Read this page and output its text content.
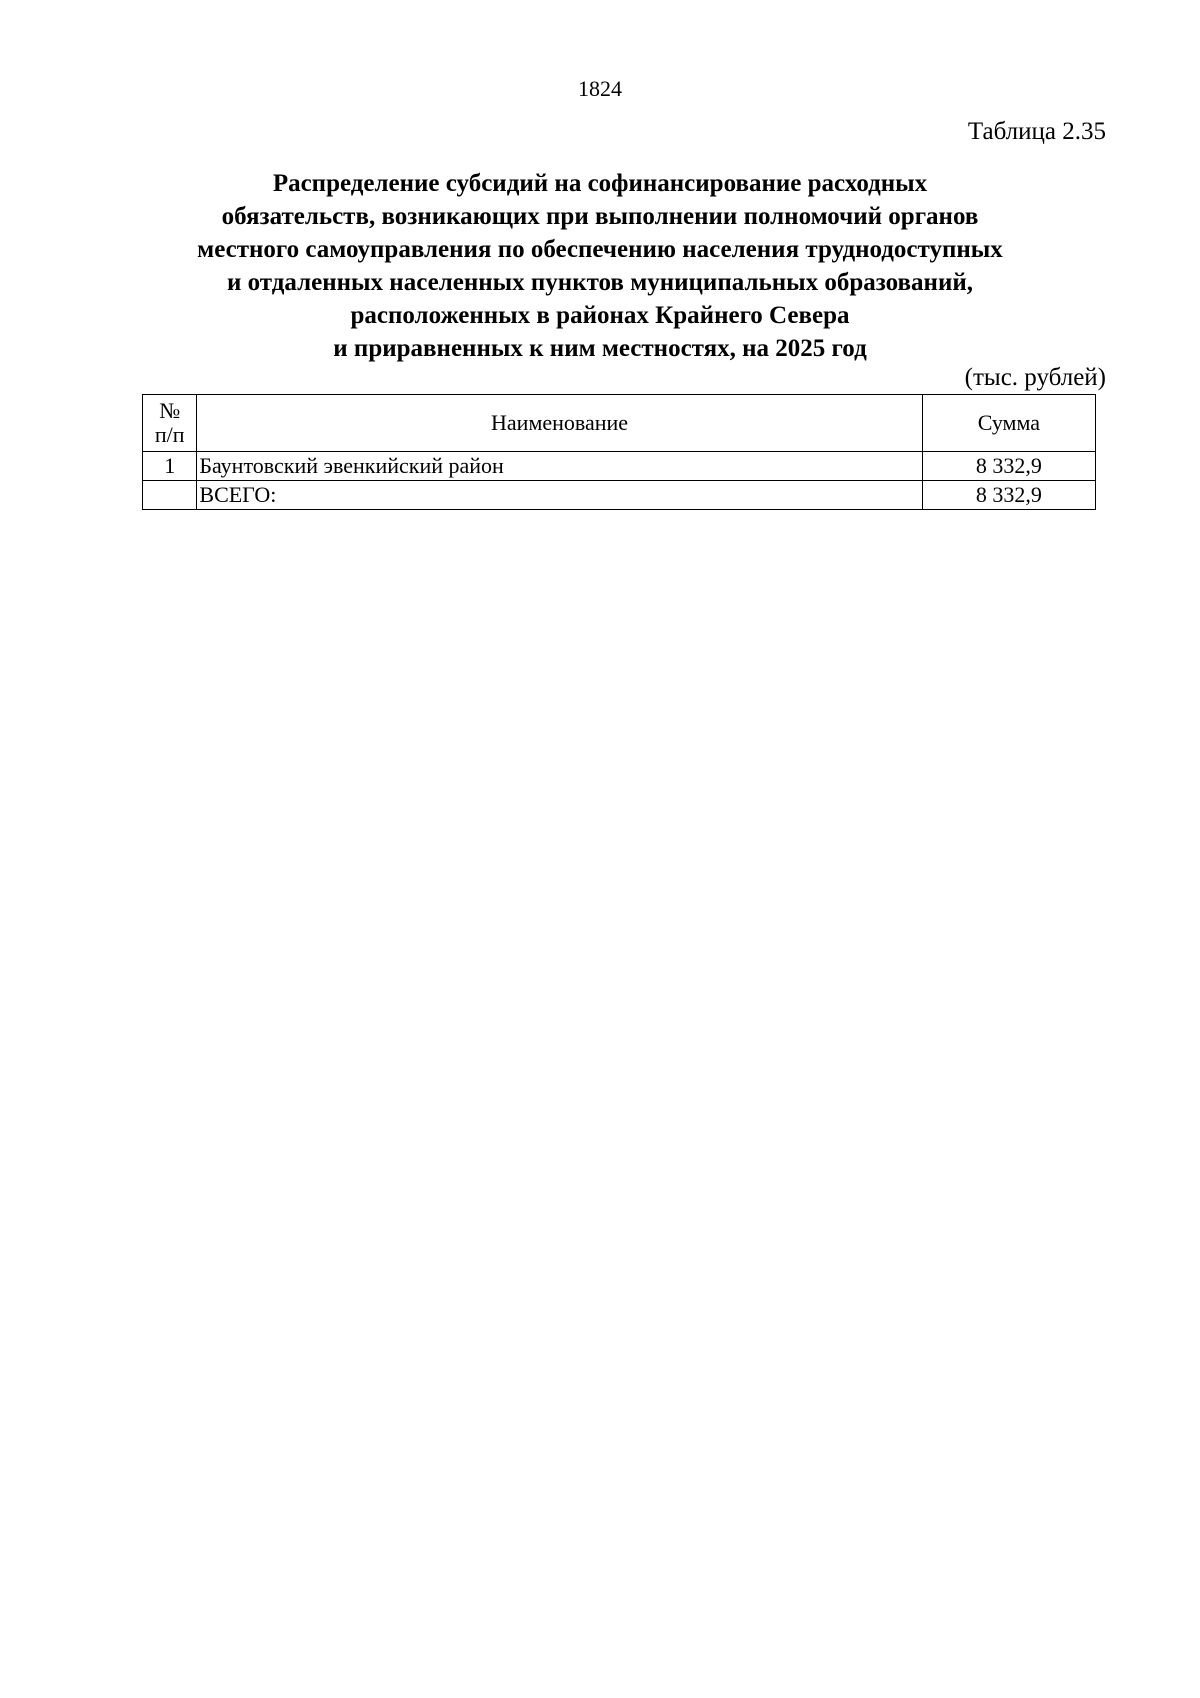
1824
Таблица 2.35
Распределение субсидий на софинансирование расходных
обязательств, возникающих при выполнении полномочий органов
местного самоуправления по обеспечению населения труднодоступных
и отдаленных населенных пунктов муниципальных образований,
расположенных в районах Крайнего Севера
и приравненных к ним местностях, на 2025 год
(тыс. рублей)
№
п/п	Наименование	Сумма
1	Баунтовский эвенкийский район	8 332,9
	ВСЕГО:	8 332,9
